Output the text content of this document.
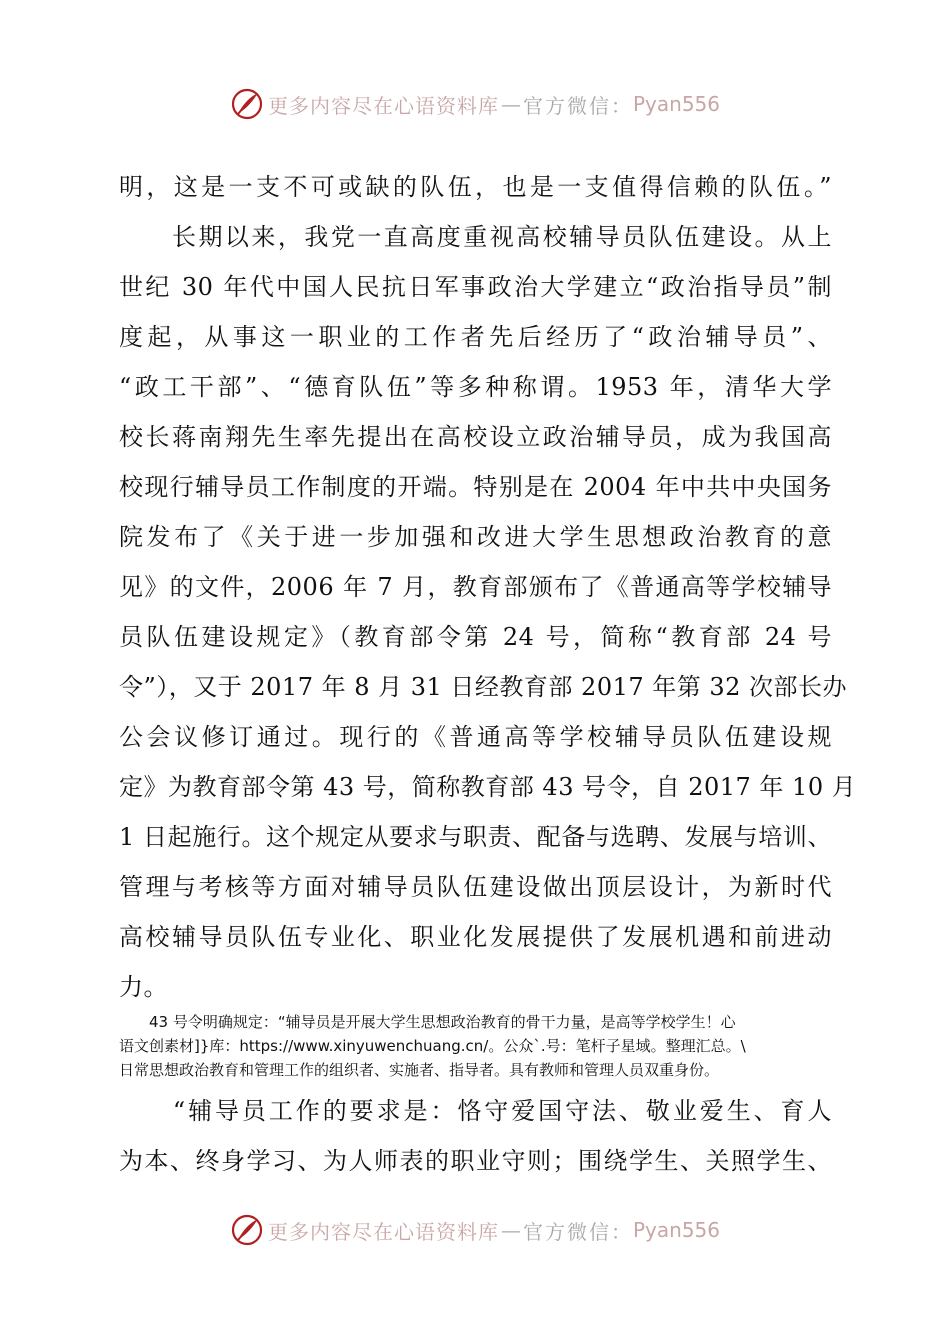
更多内容尽在心语资料库 — 官方微信： Pyan556
明，这是一支不可或缺的队伍，也是一支值得信赖的队伍。”
　　长期以来，我党一直高度重视高校辅导员队伍建设。从上
世纪 30 年代中国人民抗日军事政治大学建立“政治指导员”制
度起，从事这一职业的工作者先后经历了“政治辅导员”、
“政工干部”、“德育队伍”等多种称谓。1953 年，清华大学
校长蒋南翔先生率先提出在高校设立政治辅导员，成为我国高
校现行辅导员工作制度的开端。特别是在 2004 年中共中央国务
院发布了《关于进一步加强和改进大学生思想政治教育的意
见》的文件，2006 年 7 月，教育部颁布了《普通高等学校辅导
员队伍建设规定》（教育部令第 24 号，简称“教育部 24 号
令”），又于 2017 年 8 月 31 日经教育部 2017 年第 32 次部长办
公会议修订通过。现行的《普通高等学校辅导员队伍建设规
定》为教育部令第 43 号，简称教育部 43 号令，自 2017 年 10 月
1 日起施行。这个规定从要求与职责、配备与选聘、发展与培训、
管理与考核等方面对辅导员队伍建设做出顶层设计，为新时代
高校辅导员队伍专业化、职业化发展提供了发展机遇和前进动
力。
　　43 号令明确规定：“辅导员是开展大学生思想政治教育的骨干力量，是高等学校学生！心
语文创素材]}库：https://www.xinyuwenchuang.cn/。公众`.号：笔杆子星域。整理汇总。\
日常思想政治教育和管理工作的组织者、实施者、指导者。具有教师和管理人员双重身份。
　　“辅导员工作的要求是：恪守爱国守法、敬业爱生、育人
为本、终身学习、为人师表的职业守则；围绕学生、关照学生、
更多内容尽在心语资料库 — 官方微信： Pyan556
